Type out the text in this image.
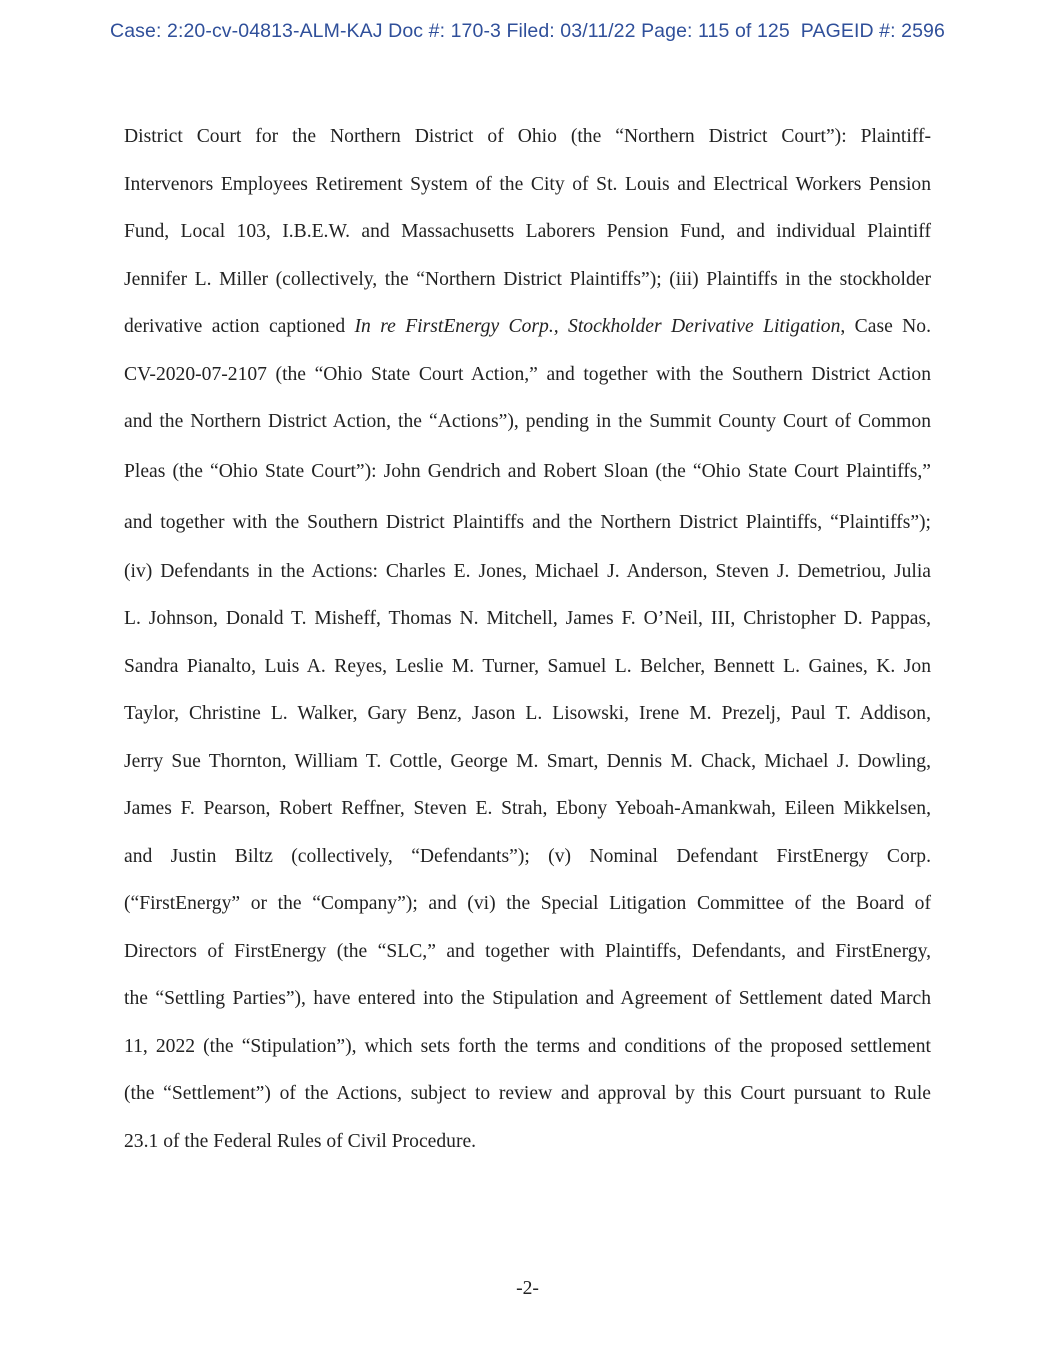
Case: 2:20-cv-04813-ALM-KAJ Doc #: 170-3 Filed: 03/11/22 Page: 115 of 125  PAGEID #: 2596
District Court for the Northern District of Ohio (the “Northern District Court”): Plaintiff-
Intervenors Employees Retirement System of the City of St. Louis and Electrical Workers Pension
Fund, Local 103, I.B.E.W. and Massachusetts Laborers Pension Fund, and individual Plaintiff
Jennifer L. Miller (collectively, the “Northern District Plaintiffs”); (iii) Plaintiffs in the stockholder
derivative action captioned In re FirstEnergy Corp., Stockholder Derivative Litigation, Case No.
CV-2020-07-2107 (the “Ohio State Court Action,” and together with the Southern District Action
and the Northern District Action, the “Actions”), pending in the Summit County Court of Common
Pleas (the “Ohio State Court”): John Gendrich and Robert Sloan (the “Ohio State Court Plaintiffs,”
and together with the Southern District Plaintiffs and the Northern District Plaintiffs, “Plaintiffs”);
(iv) Defendants in the Actions: Charles E. Jones, Michael J. Anderson, Steven J. Demetriou, Julia
L. Johnson, Donald T. Misheff, Thomas N. Mitchell, James F. O’Neil, III, Christopher D. Pappas,
Sandra Pianalto, Luis A. Reyes, Leslie M. Turner, Samuel L. Belcher, Bennett L. Gaines, K. Jon
Taylor, Christine L. Walker, Gary Benz, Jason L. Lisowski, Irene M. Prezelj, Paul T. Addison,
Jerry Sue Thornton, William T. Cottle, George M. Smart, Dennis M. Chack, Michael J. Dowling,
James F. Pearson, Robert Reffner, Steven E. Strah, Ebony Yeboah-Amankwah, Eileen Mikkelsen,
and Justin Biltz (collectively, “Defendants”); (v) Nominal Defendant FirstEnergy Corp.
(“FirstEnergy” or the “Company”); and (vi) the Special Litigation Committee of the Board of
Directors of FirstEnergy (the “SLC,” and together with Plaintiffs, Defendants, and FirstEnergy,
the “Settling Parties”), have entered into the Stipulation and Agreement of Settlement dated March
11, 2022 (the “Stipulation”), which sets forth the terms and conditions of the proposed settlement
(the “Settlement”) of the Actions, subject to review and approval by this Court pursuant to Rule
23.1 of the Federal Rules of Civil Procedure.
-2-
